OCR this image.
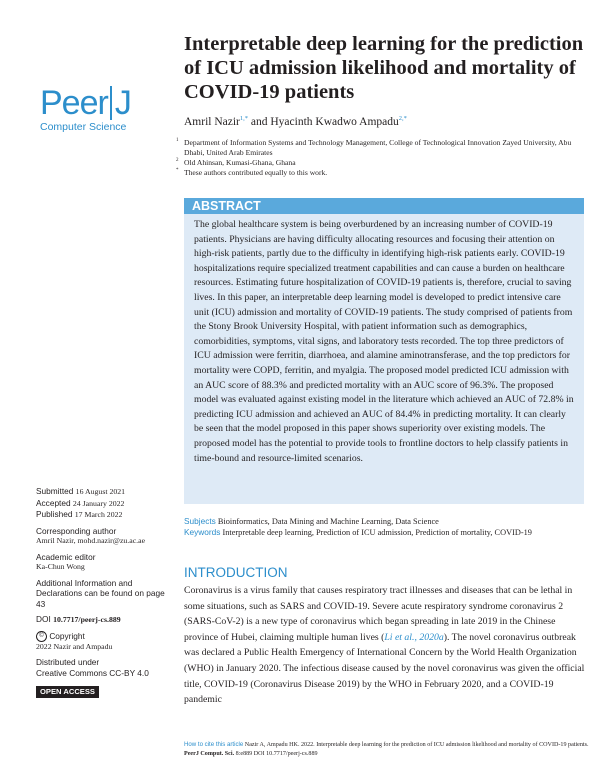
Peer J
Computer Science
Interpretable deep learning for the prediction of ICU admission likelihood and mortality of COVID-19 patients
Amril Nazir$^{1,*}$ and Hyacinth Kwadwo Ampadu$^{2,*}$
1 Department of Information Systems and Technology Management, College of Technological Innovation Zayed University, Abu Dhabi, United Arab Emirates
2 Old Ahinsan, Kumasi-Ghana, Ghana
* These authors contributed equally to this work.
ABSTRACT

The global healthcare system is being overburdened by an increasing number of COVID-19 patients. Physicians are having difficulty allocating resources and focusing their attention on high-risk patients, partly due to the difficulty in identifying high-risk patients early. COVID-19 hospitalizations require specialized treatment capabilities and can cause a burden on healthcare resources. Estimating future hospitalization of COVID-19 patients is, therefore, crucial to saving lives. In this paper, an interpretable deep learning model is developed to predict intensive care unit (ICU) admission and mortality of COVID-19 patients. The study comprised of patients from the Stony Brook University Hospital, with patient information such as demographics, comorbidities, symptoms, vital signs, and laboratory tests recorded. The top three predictors of ICU admission were ferritin, diarrhoea, and alamine aminotransferase, and the top predictors for mortality were COPD, ferritin, and myalgia. The proposed model predicted ICU admission with an AUC score of 88.3% and predicted mortality with an AUC score of 96.3%. The proposed model was evaluated against existing model in the literature which achieved an AUC of 72.8% in predicting ICU admission and achieved an AUC of 84.4% in predicting mortality. It can clearly be seen that the model proposed in this paper shows superiority over existing models. The proposed model has the potential to provide tools to frontline doctors to help classify patients in time-bound and resource-limited scenarios.

Subjects Bioinformatics, Data Mining and Machine Learning, Data Science
Keywords Interpretable deep learning, Prediction of ICU admission, Prediction of mortality, COVID-19
INTRODUCTION

Coronavirus is a virus family that causes respiratory tract illnesses and diseases that can be lethal in some situations, such as SARS and COVID-19. Severe acute respiratory syndrome coronavirus 2 (SARS-CoV-2) is a new type of coronavirus which began spreading in late 2019 in the Chinese province of Hubei, claiming multiple human lives (Li et al., 2020a). The novel coronavirus outbreak was declared a Public Health Emergency of International Concern by the World Health Organization (WHO) in January 2020. The infectious disease caused by the novel coronavirus was given the official title, COVID-19 (Coronavirus Disease 2019) by the WHO in February 2020, and a COVID-19 pandemic

Submitted 16 August 2021
Accepted 24 January 2022
Published 17 March 2022
Corresponding author
Amril Nazir, mohd.nazir@zu.ac.ae
Academic editor
Ka-Chun Wong
Additional Information and Declarations can be found on page 43
DOI 10.7717/peerj-cs.889
© Copyright
2022 Nazir and Ampadu
Distributed under
Creative Commons CC-BY 4.0
OPEN ACCESS
How to cite this article Nazir A, Ampadu HK. 2022. Interpretable deep learning for the prediction of ICU admission likelihood and mortality of COVID-19 patients. PeerJ Comput. Sci. 8:e889 DOI 10.7717/peerj-cs.889
